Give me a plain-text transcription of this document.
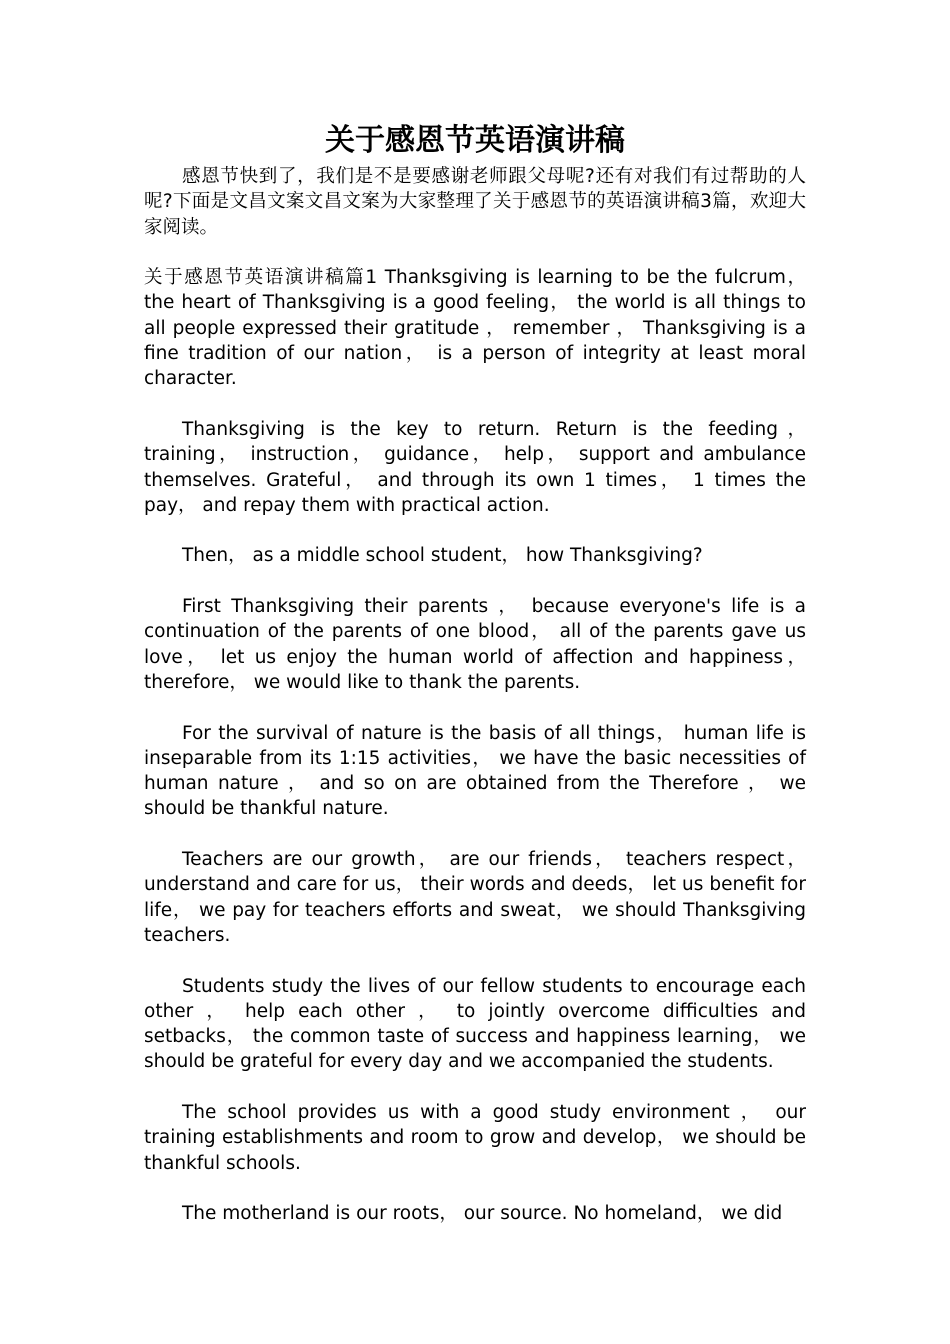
关于感恩节英语演讲稿

感恩节快到了，我们是不是要感谢老师跟父母呢?还有对我们有过帮助的人呢?下面是文昌文案文昌文案为大家整理了关于感恩节的英语演讲稿3篇，欢迎大家阅读。

关于感恩节英语演讲稿篇1 Thanksgiving is learning to be the fulcrum， the heart of Thanksgiving is a good feeling， the world is all things to all people expressed their gratitude ， remember ， Thanksgiving is a fine tradition of our nation， is a person of integrity at least moral character.

Thanksgiving is the key to return. Return is the feeding， training， instruction， guidance， help， support and ambulance themselves. Grateful， and through its own 1 times， 1 times the pay， and repay them with practical action.

Then， as a middle school student， how Thanksgiving?

First Thanksgiving their parents ， because everyone's life is a continuation of the parents of one blood， all of the parents gave us love， let us enjoy the human world of affection and happiness， therefore， we would like to thank the parents.

For the survival of nature is the basis of all things， human life is inseparable from its 1:15 activities， we have the basic necessities of human nature ， and so on are obtained from the Therefore ， we should be thankful nature.

Teachers are our growth， are our friends， teachers respect， understand and care for us， their words and deeds， let us benefit for life， we pay for teachers efforts and sweat， we should Thanksgiving teachers.

Students study the lives of our fellow students to encourage each other ， help each other ， to jointly overcome difficulties and setbacks， the common taste of success and happiness learning， we should be grateful for every day and we accompanied the students.

The school provides us with a good study environment ， our training establishments and room to grow and develop， we should be thankful schools.

The motherland is our roots， our source. No homeland， we did
